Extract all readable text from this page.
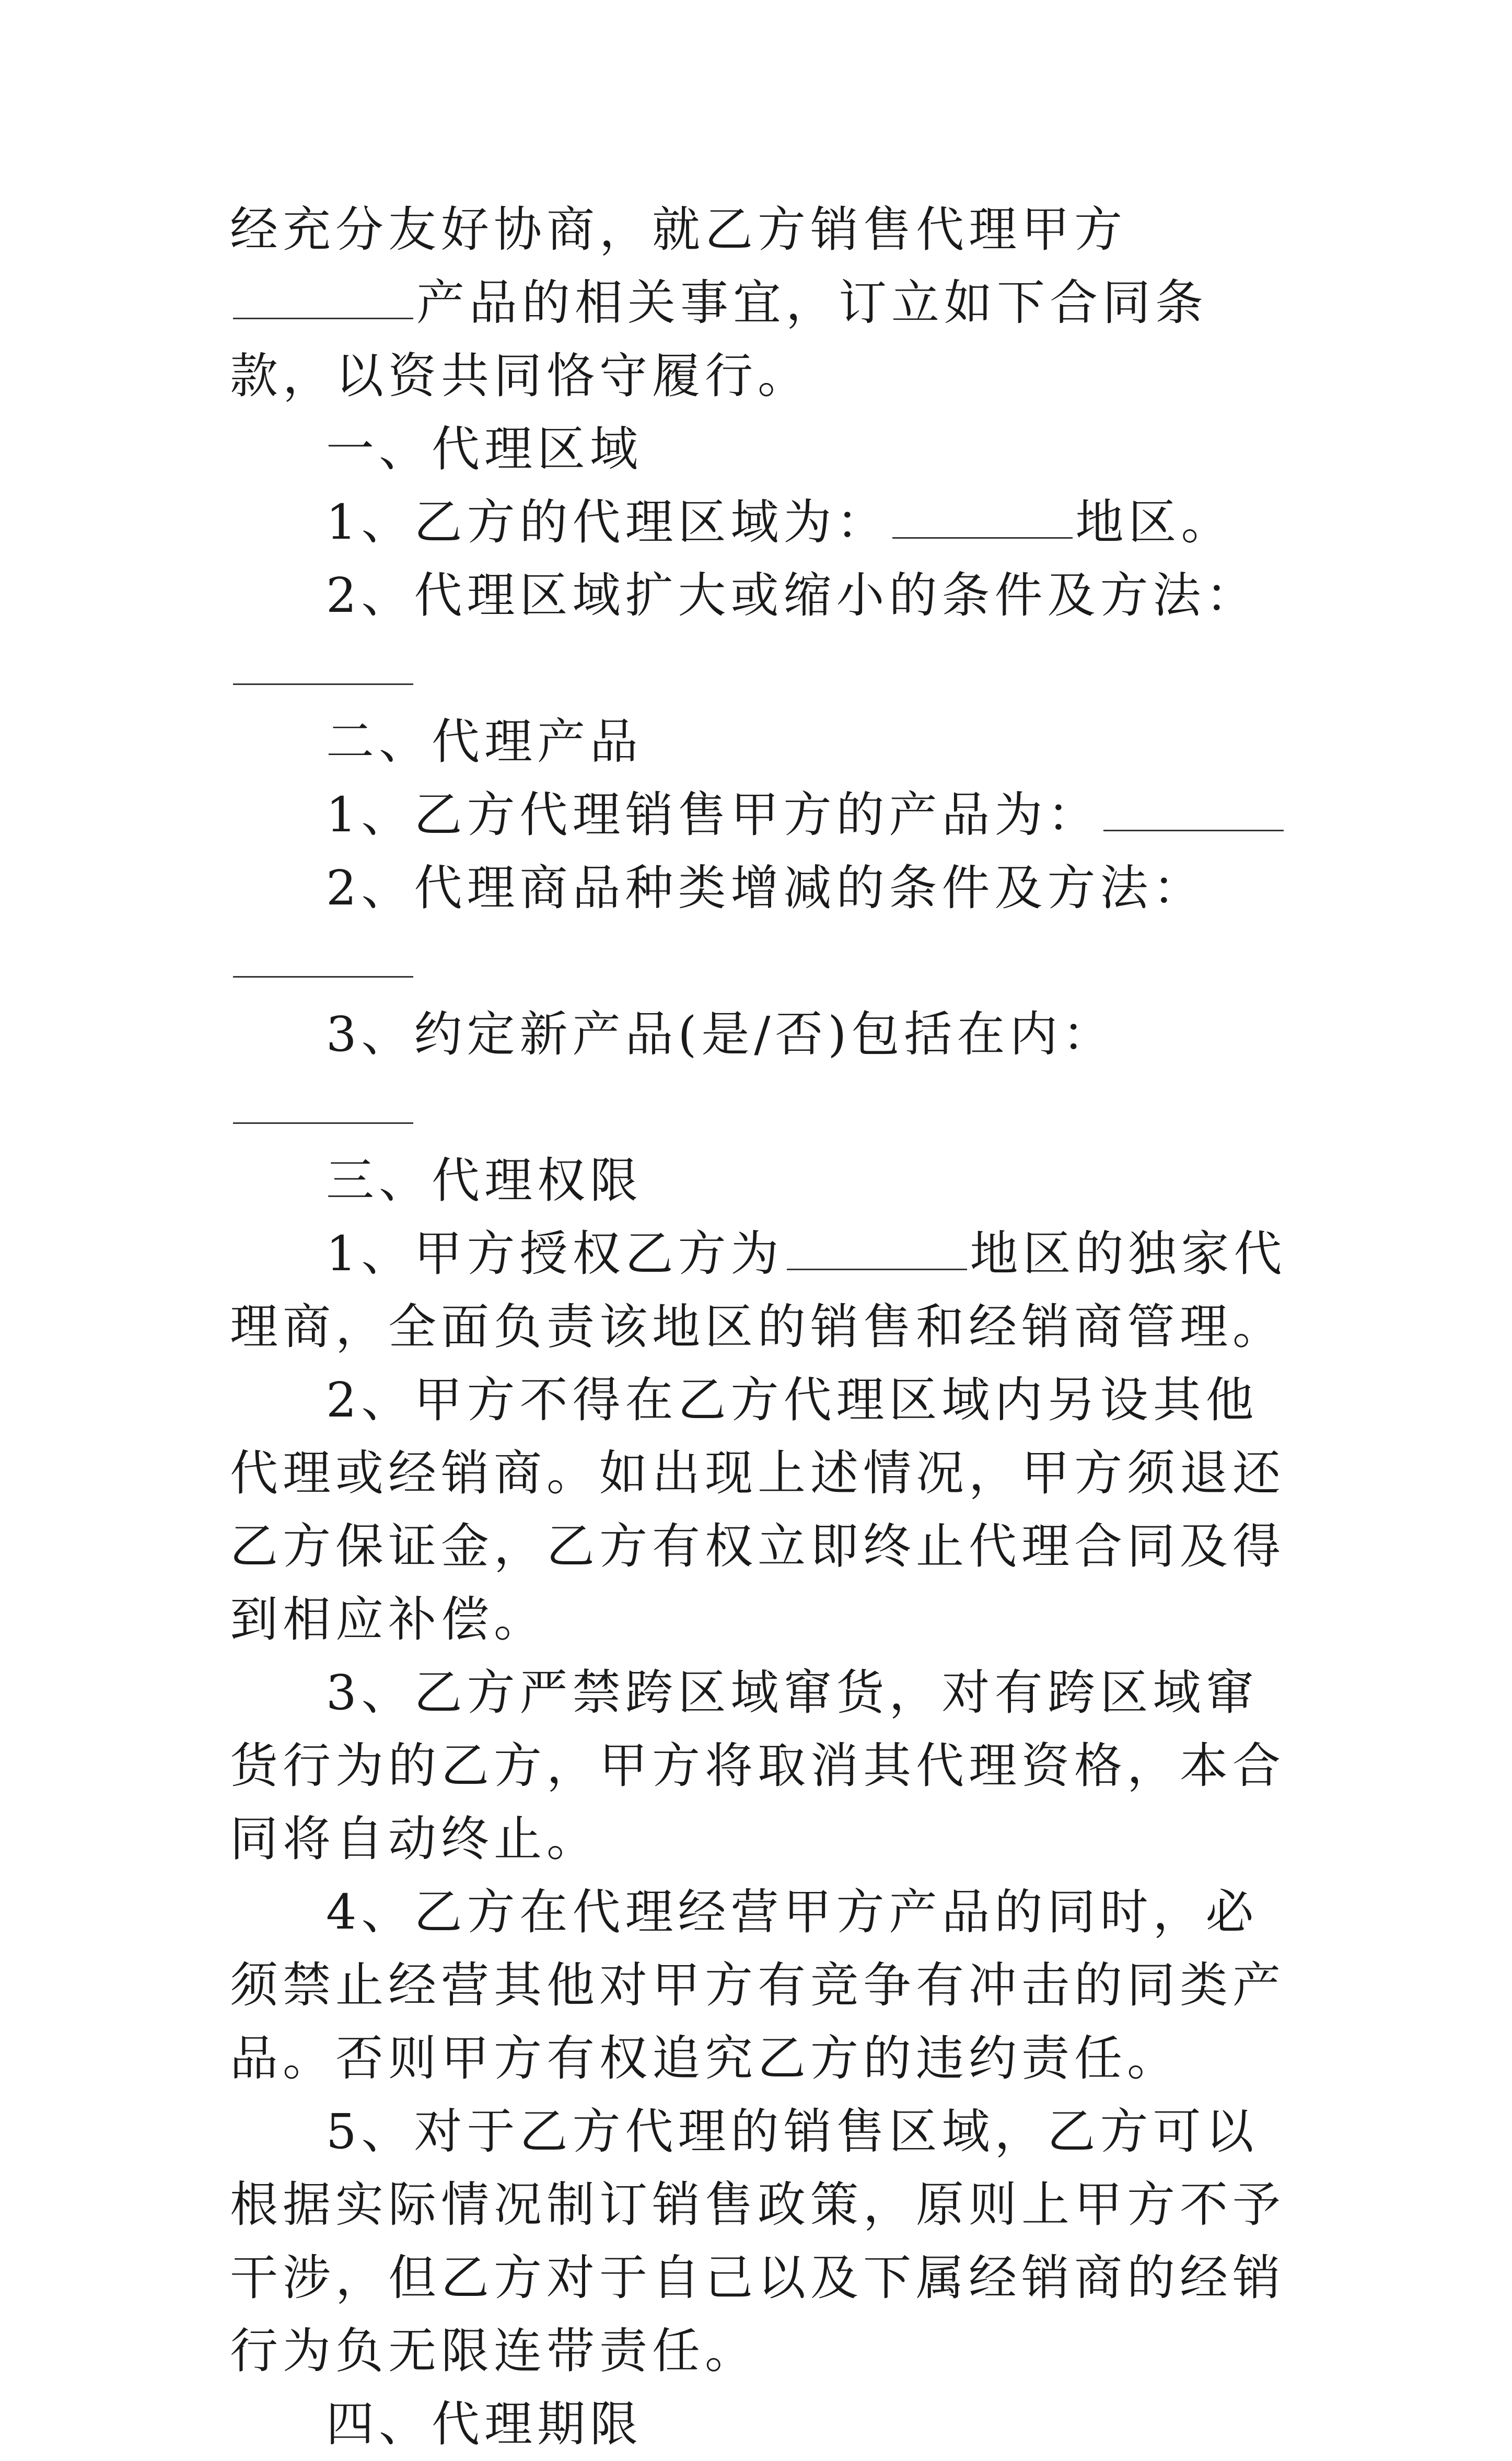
经充分友好协商，就乙方销售代理甲方产品的相关事宜，订立如下合同条款，以资共同恪守履行。

一、代理区域

1、乙方的代理区域为：	地区。

2、代理区域扩大或缩小的条件及方法：

二、代理产品

1、乙方代理销售甲方的产品为：

2、代理商品种类增减的条件及方法：

3、约定新产品(是/否)包括在内：

三、代理权限

1、甲方授权乙方为	地区的独家代理商，全面负责该地区的销售和经销商管理。

2、甲方不得在乙方代理区域内另设其他代理或经销商。如出现上述情况，甲方须退还乙方保证金，乙方有权立即终止代理合同及得到相应补偿。

3、乙方严禁跨区域窜货，对有跨区域窜货行为的乙方，甲方将取消其代理资格，本合同将自动终止。

4、乙方在代理经营甲方产品的同时，必须禁止经营其他对甲方有竞争有冲击的同类产品。否则甲方有权追究乙方的违约责任。

5、对于乙方代理的销售区域，乙方可以根据实际情况制订销售政策，原则上甲方不予干涉，但乙方对于自己以及下属经销商的经销行为负无限连带责任。

四、代理期限
